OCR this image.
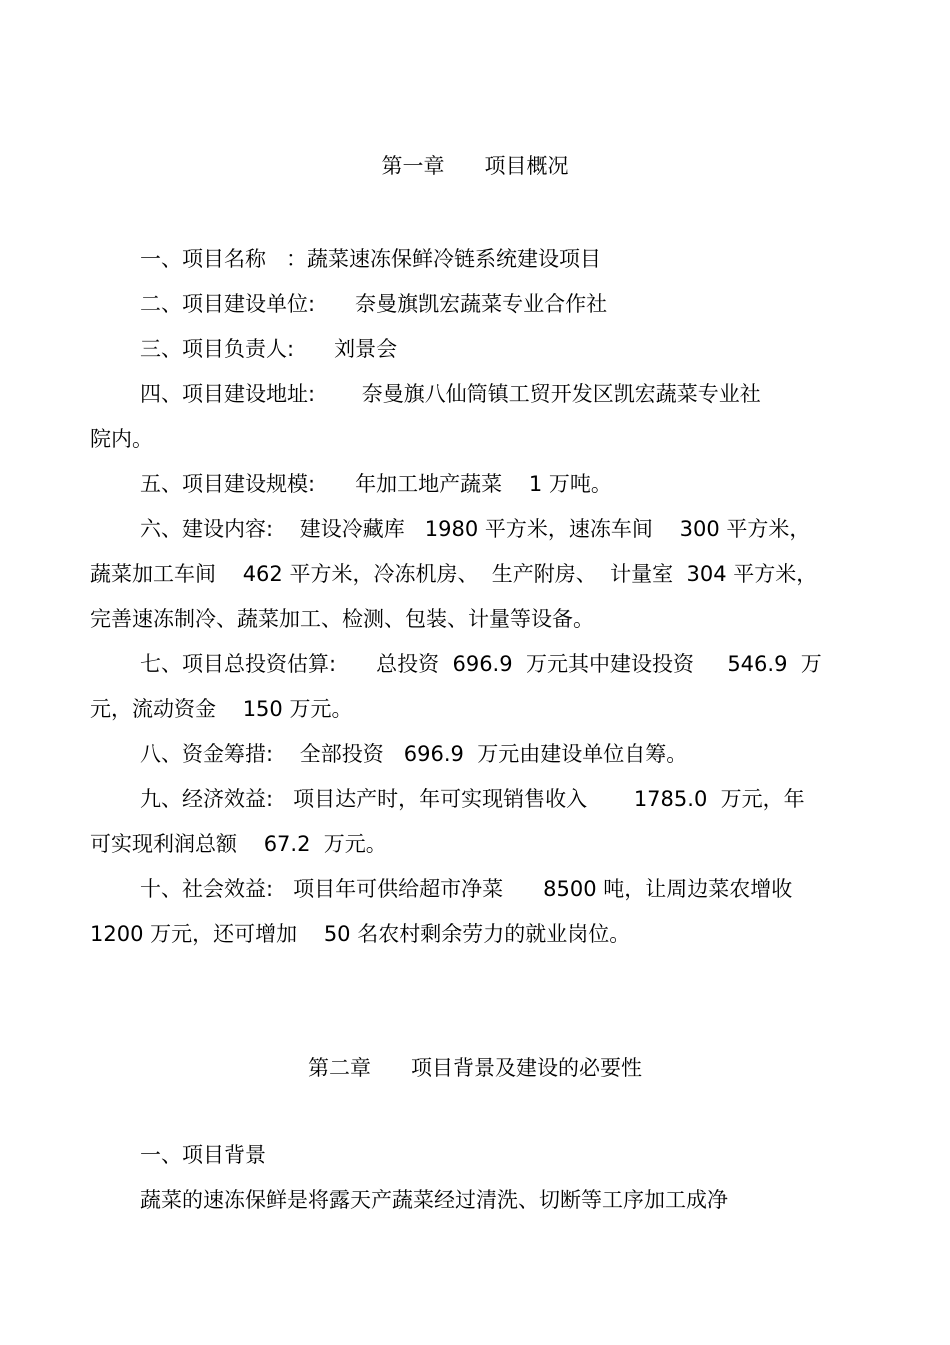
第一章      项目概况
一、项目名称   ：蔬菜速冻保鲜冷链系统建设项目
二、项目建设单位:      奈曼旗凯宏蔬菜专业合作社
三、项目负责人:      刘景会
四、项目建设地址:       奈曼旗八仙筒镇工贸开发区凯宏蔬菜专业社
院内。
五、项目建设规模:      年加工地产蔬菜    1 万吨。
六、建设内容:    建设冷藏库   1980 平方米，速冻车间    300 平方米，
蔬菜加工车间    462 平方米，冷冻机房、  生产附房、  计量室  304 平方米，
完善速冻制冷、蔬菜加工、检测、包装、计量等设备。
七、项目总投资估算:      总投资  696.9  万元其中建设投资     546.9  万
元，流动资金    150 万元。
八、资金筹措:    全部投资   696.9  万元由建设单位自筹。
九、经济效益:   项目达产时，年可实现销售收入       1785.0  万元，年
可实现利润总额    67.2  万元。
十、社会效益:   项目年可供给超市净菜      8500 吨，让周边菜农增收
1200 万元，还可增加    50 名农村剩余劳力的就业岗位。
第二章      项目背景及建设的必要性
一、项目背景
蔬菜的速冻保鲜是将露天产蔬菜经过清洗、切断等工序加工成净
